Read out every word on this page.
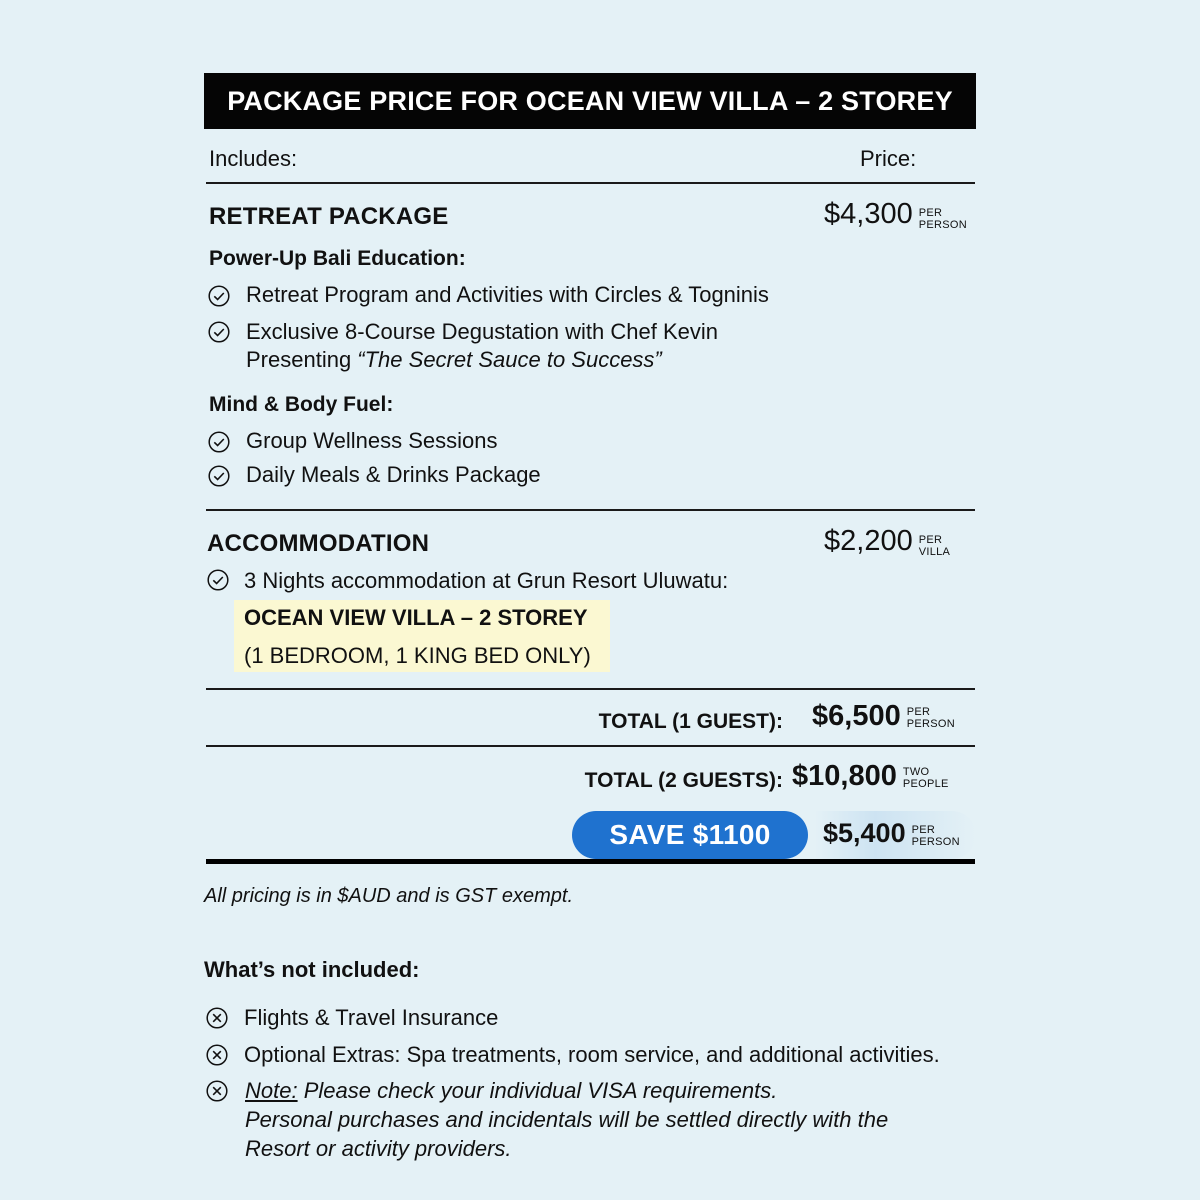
PACKAGE PRICE FOR OCEAN VIEW VILLA – 2 STOREY
Includes:	Price:
RETREAT PACKAGE	$4,300 PER
PERSON
Power-Up Bali Education:
Retreat Program and Activities with Circles & Togninis
Exclusive 8-Course Degustation with Chef Kevin
Presenting “The Secret Sauce to Success”
Mind & Body Fuel:
Group Wellness Sessions
Daily Meals & Drinks Package
ACCOMMODATION	$2,200 PER
VILLA
3 Nights accommodation at Grun Resort Uluwatu:
OCEAN VIEW VILLA – 2 STOREY
(1 BEDROOM, 1 KING BED ONLY)
TOTAL (1 GUEST): $6,500 PER
PERSON
TOTAL (2 GUESTS): $10,800 TWO
PEOPLE
SAVE $1100	$5,400 PER
PERSON
All pricing is in $AUD and is GST exempt.
What’s not included:
Flights & Travel Insurance
Optional Extras: Spa treatments, room service, and additional activities.
Note: Please check your individual VISA requirements.
Personal purchases and incidentals will be settled directly with the
Resort or activity providers.
